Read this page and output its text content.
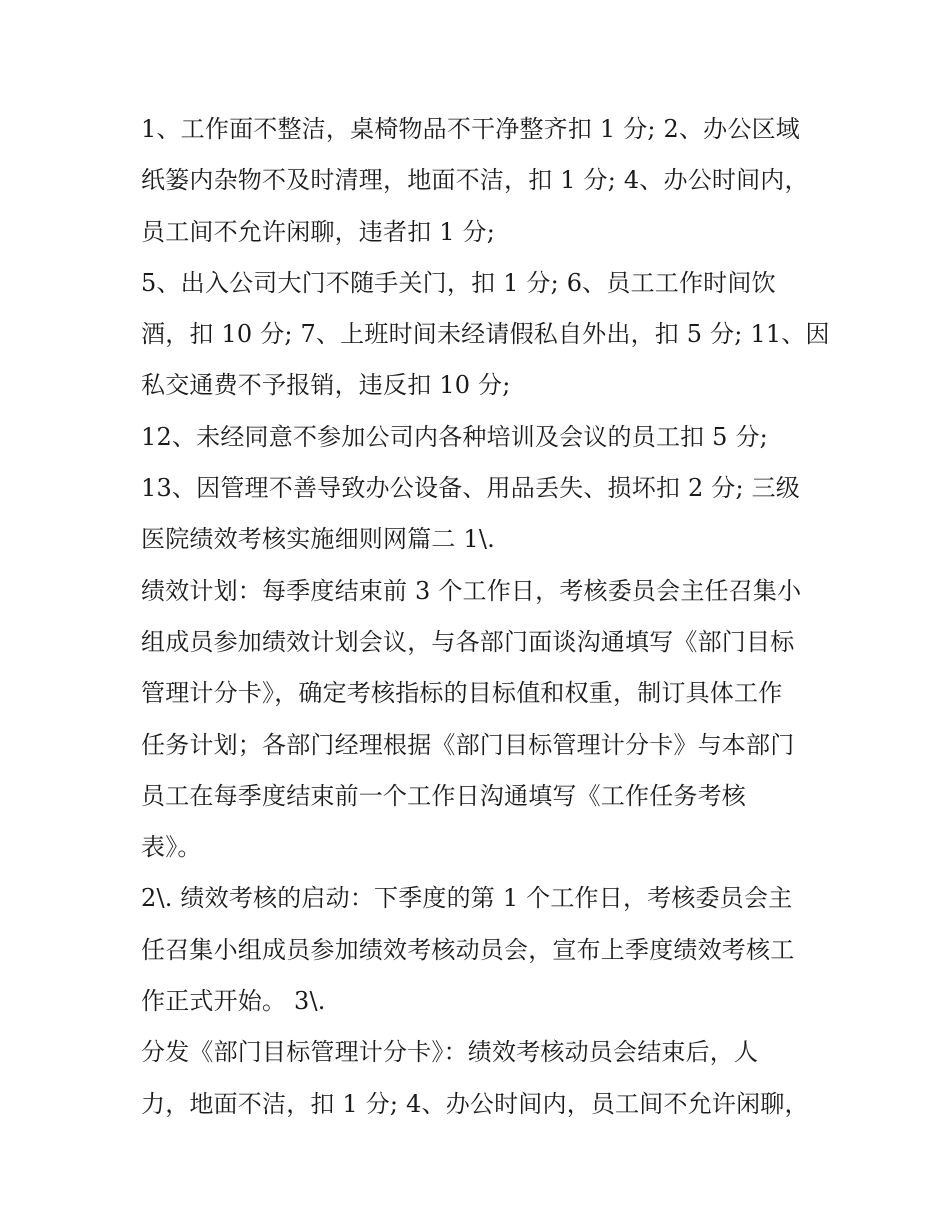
1、工作面不整洁，桌椅物品不干净整齐扣 1 分; 2、办公区域
纸篓内杂物不及时清理，地面不洁，扣 1 分; 4、办公时间内，
员工间不允许闲聊，违者扣 1 分;

5、出入公司大门不随手关门，扣 1 分; 6、员工工作时间饮
酒，扣 10 分; 7、上班时间未经请假私自外出，扣 5 分; 11、因
私交通费不予报销，违反扣 10 分;

12、未经同意不参加公司内各种培训及会议的员工扣 5 分;

13、因管理不善导致办公设备、用品丢失、损坏扣 2 分; 三级
医院绩效考核实施细则网篇二 1\.

绩效计划：每季度结束前 3 个工作日，考核委员会主任召集小
组成员参加绩效计划会议，与各部门面谈沟通填写《部门目标
管理计分卡》，确定考核指标的目标值和权重，制订具体工作
任务计划；各部门经理根据《部门目标管理计分卡》与本部门
员工在每季度结束前一个工作日沟通填写《工作任务考核
表》。

2\. 绩效考核的启动：下季度的第 1 个工作日，考核委员会主
任召集小组成员参加绩效考核动员会，宣布上季度绩效考核工
作正式开始。 3\.

分发《部门目标管理计分卡》：绩效考核动员会结束后，人
力，地面不洁，扣 1 分; 4、办公时间内，员工间不允许闲聊，
